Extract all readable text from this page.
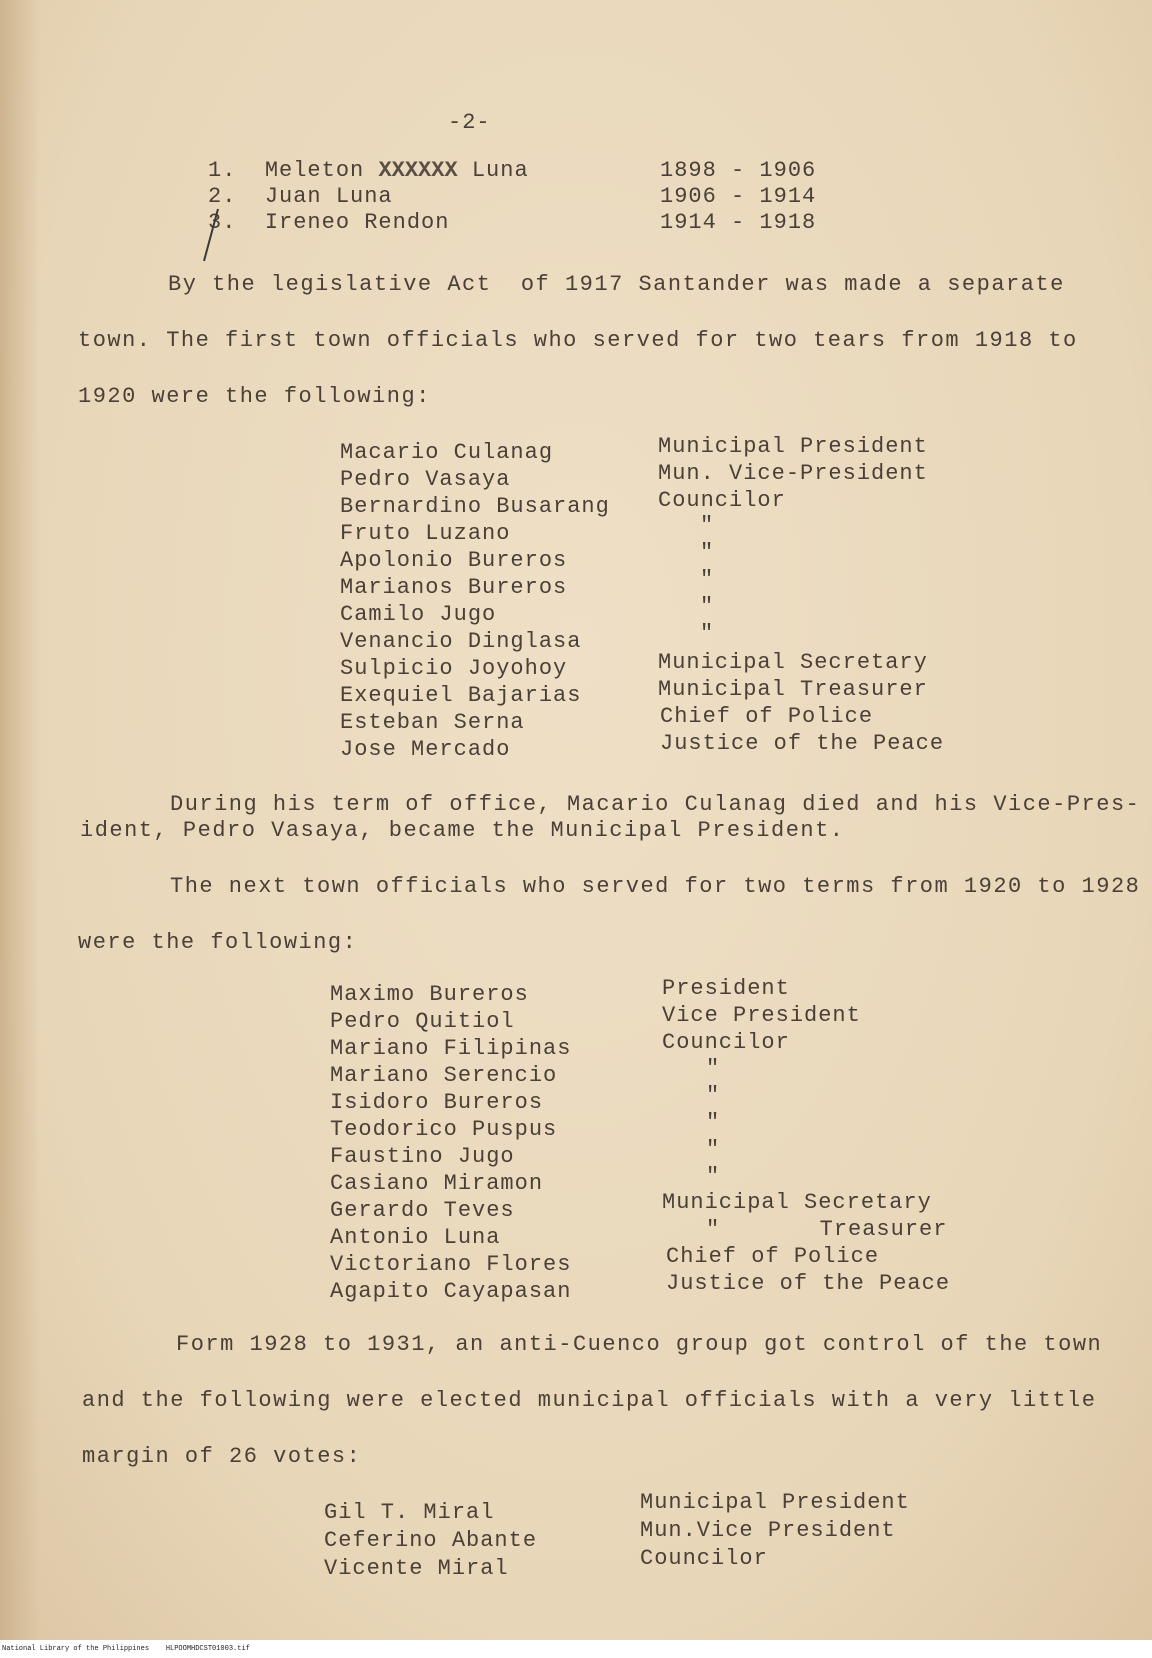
-2-
1. Meleton XXXXXX Luna	1898 - 1906
2. Juan Luna	1906 - 1914
3. Ireneo Rendon	1914 - 1918
By the legislative Act  of 1917 Santander was made a separate
town. The first town officials who served for two tears from 1918 to
1920 were the following:
Macario Culanag	Municipal President
Pedro Vasaya	Mun. Vice-President
Bernardino Busarang Councilor
Fruto Luzano	"
Apolonio Bureros	"
Marianos Bureros	"
Camilo Jugo	"
Venancio Dinglasa	"
Sulpicio Joyohoy	Municipal Secretary
Exequiel Bajarias	Municipal Treasurer
Esteban Serna	Chief of Police
Jose Mercado	Justice of the Peace
During his term of office, Macario Culanag died and his Vice-Pres-
ident, Pedro Vasaya, became the Municipal President.
The next town officials who served for two terms from 1920 to 1928
were the following:
Maximo Bureros	President
Pedro Quitiol	Vice President
Mariano Filipinas	Councilor
Mariano Serencio	"
Isidoro Bureros	"
Teodorico Puspus	"
Faustino Jugo	"
Casiano Miramon	"
Gerardo Teves	Municipal Secretary
Antonio Luna	"       Treasurer
Victoriano Flores	Chief of Police
Agapito Cayapasan	Justice of the Peace
Form 1928 to 1931, an anti-Cuenco group got control of the town
and the following were elected municipal officials with a very little
margin of 26 votes:
Gil T. Miral	Municipal President
Ceferino Abante	Mun.Vice President
Vicente Miral	Councilor
National Library of the Philippines    HLPOOMHDCST01003.tif
